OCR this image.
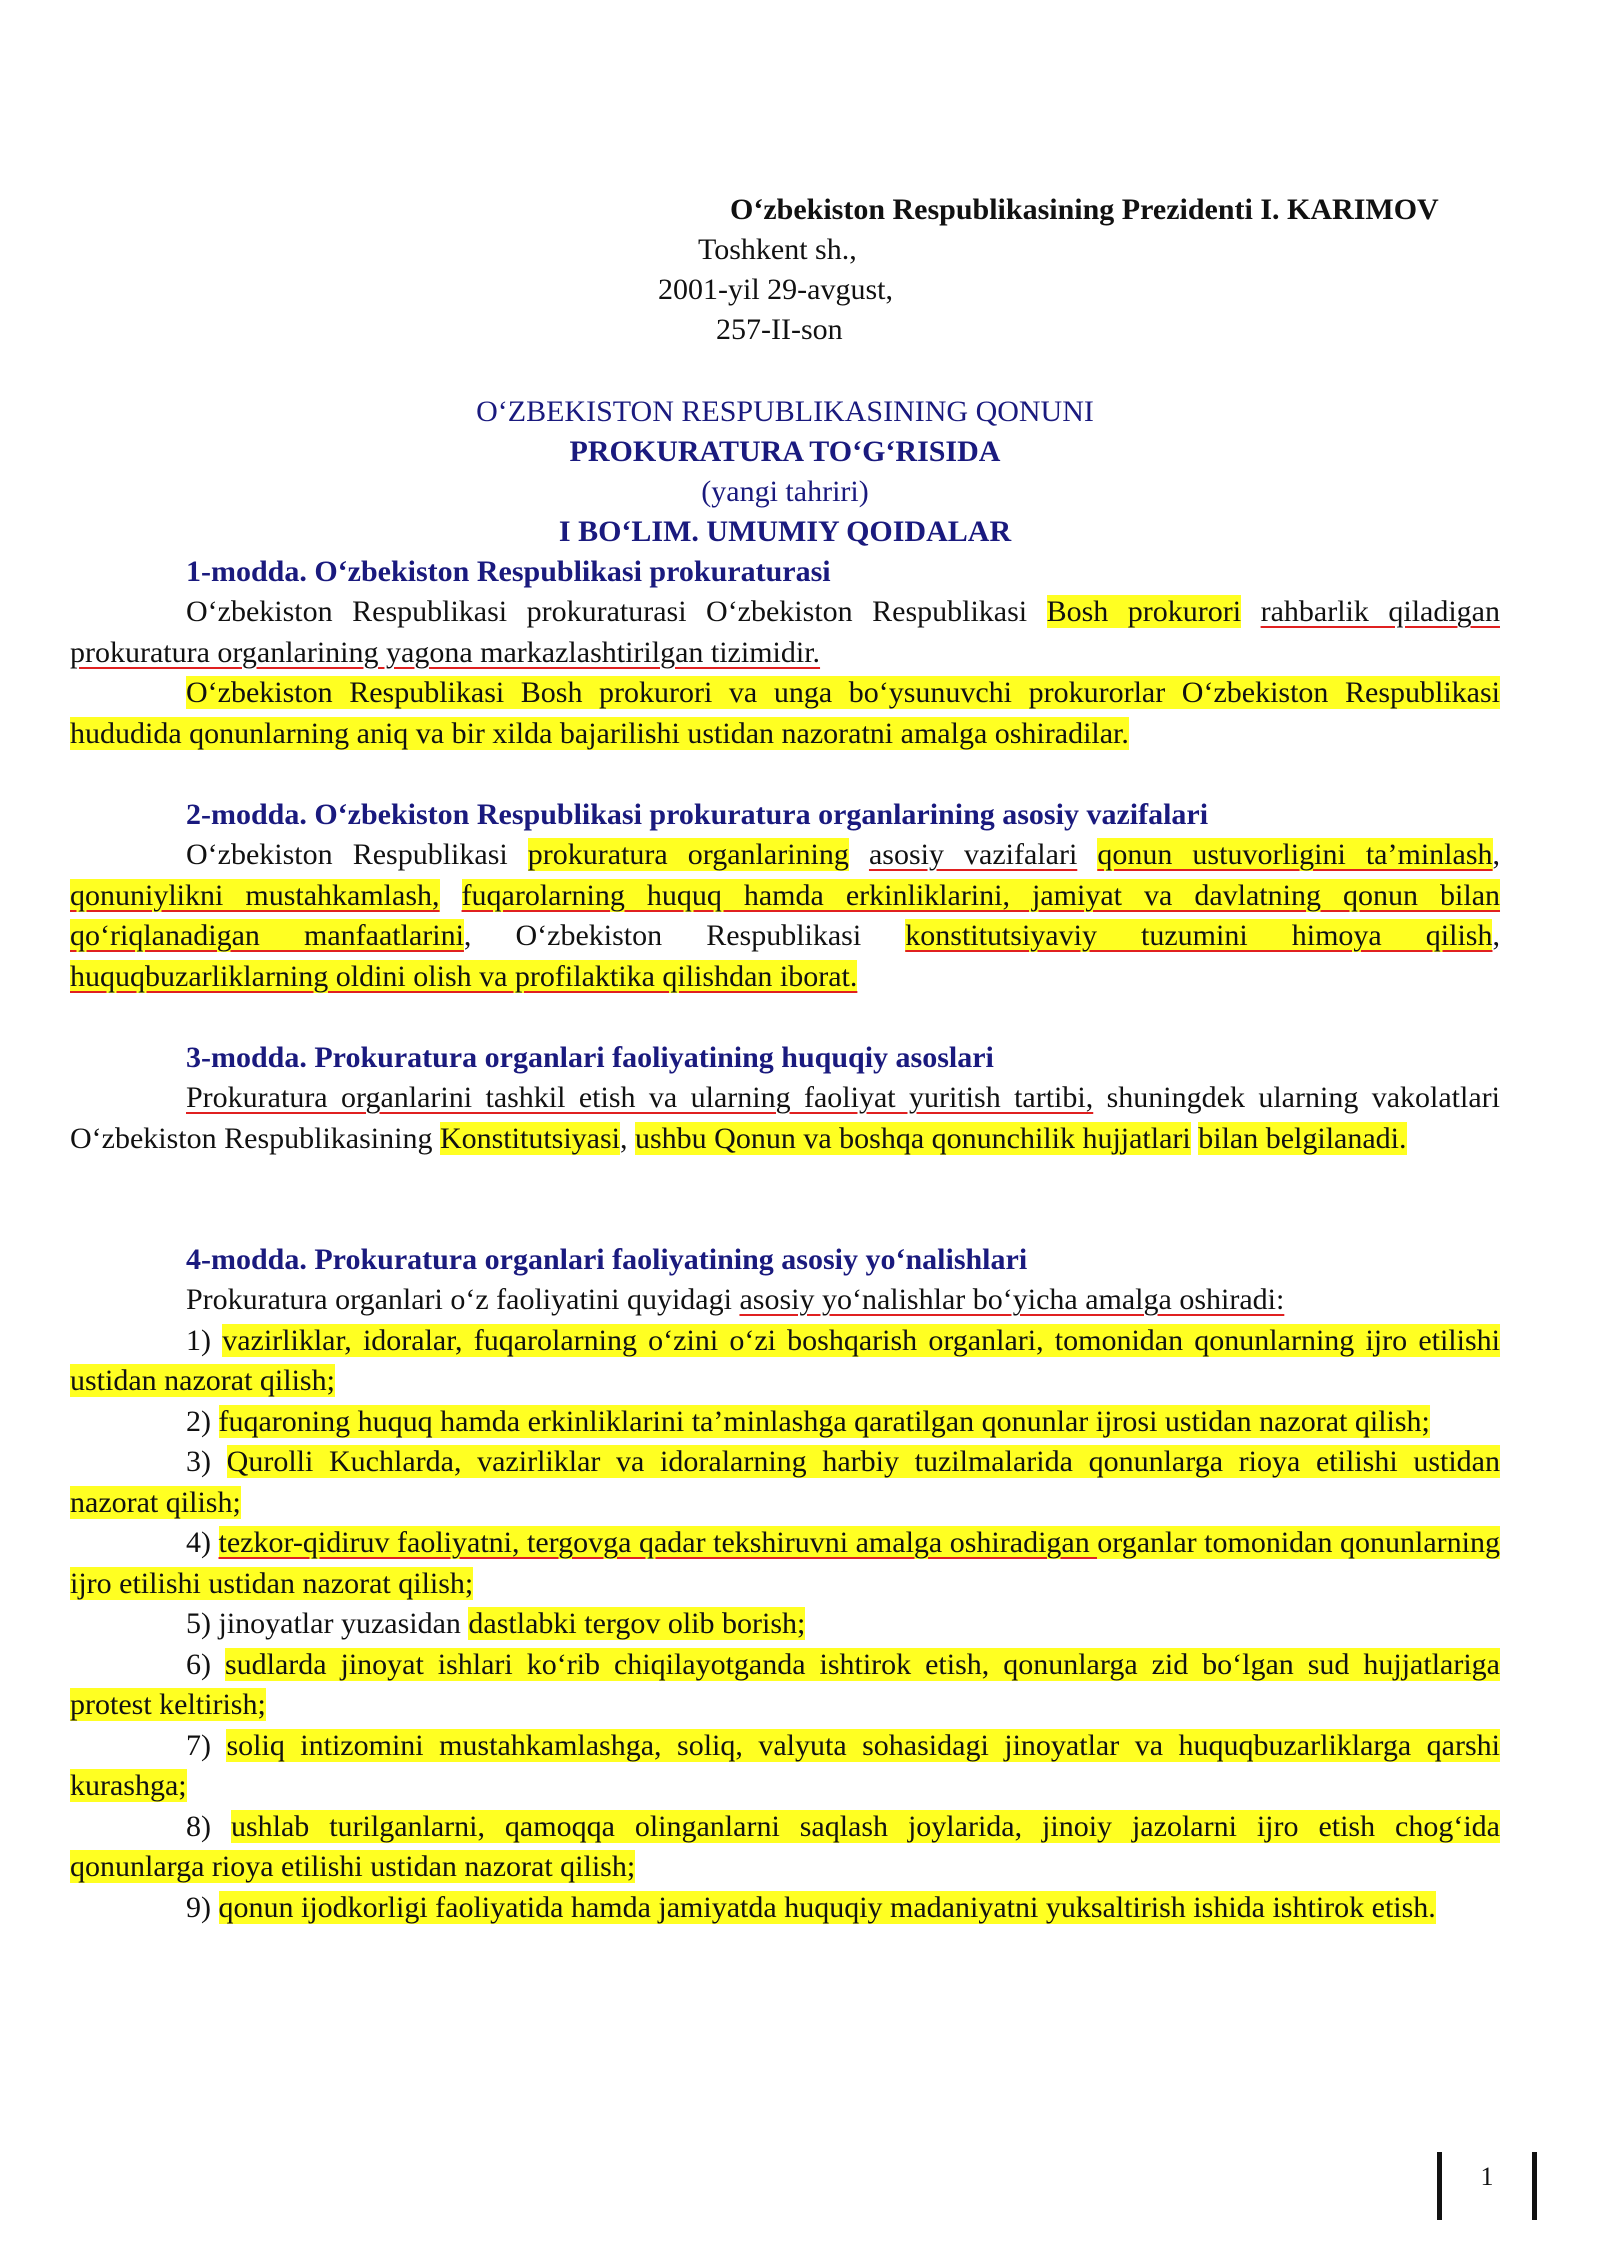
O‘zbekiston Respublikasining Prezidenti I. KARIMOV
Toshkent sh.,
2001-yil 29-avgust,
257-II-son
O‘ZBEKISTON RESPUBLIKASINING QONUNI
PROKURATURA TO‘G‘RISIDA
(yangi tahriri)
I BO‘LIM. UMUMIY QOIDALAR
1-modda. O‘zbekiston Respublikasi prokuraturasi

O‘zbekiston Respublikasi prokuraturasi O‘zbekiston Respublikasi Bosh prokurori rahbarlik qiladigan prokuratura organlarining yagona markazlashtirilgan tizimidir.

O‘zbekiston Respublikasi Bosh prokurori va unga bo‘ysunuvchi prokurorlar O‘zbekiston Respublikasi hududida qonunlarning aniq va bir xilda bajarilishi ustidan nazoratni amalga oshiradilar.

2-modda. O‘zbekiston Respublikasi prokuratura organlarining asosiy vazifalari

O‘zbekiston Respublikasi prokuratura organlarining asosiy vazifalari qonun ustuvorligini ta’minlash, qonuniylikni mustahkamlash, fuqarolarning huquq hamda erkinliklarini, jamiyat va davlatning qonun bilan qo‘riqlanadigan manfaatlarini, O‘zbekiston Respublikasi konstitutsiyaviy tuzumini himoya qilish, huquqbuzarliklarning oldini olish va profilaktika qilishdan iborat.

3-modda. Prokuratura organlari faoliyatining huquqiy asoslari

Prokuratura organlarini tashkil etish va ularning faoliyat yuritish tartibi, shuningdek ularning vakolatlari O‘zbekiston Respublikasining Konstitutsiyasi, ushbu Qonun va boshqa qonunchilik hujjatlari bilan belgilanadi.

4-modda. Prokuratura organlari faoliyatining asosiy yo‘nalishlari

Prokuratura organlari o‘z faoliyatini quyidagi asosiy yo‘nalishlar bo‘yicha amalga oshiradi:

1) vazirliklar, idoralar, fuqarolarning o‘zini o‘zi boshqarish organlari, tomonidan qonunlarning ijro etilishi ustidan nazorat qilish;

2) fuqaroning huquq hamda erkinliklarini ta’minlashga qaratilgan qonunlar ijrosi ustidan nazorat qilish;

3) Qurolli Kuchlarda, vazirliklar va idoralarning harbiy tuzilmalarida qonunlarga rioya etilishi ustidan nazorat qilish;

4) tezkor-qidiruv faoliyatni, tergovga qadar tekshiruvni amalga oshiradigan organlar tomonidan qonunlarning ijro etilishi ustidan nazorat qilish;

5) jinoyatlar yuzasidan dastlabki tergov olib borish;

6) sudlarda jinoyat ishlari ko‘rib chiqilayotganda ishtirok etish, qonunlarga zid bo‘lgan sud hujjatlariga protest keltirish;

7) soliq intizomini mustahkamlashga, soliq, valyuta sohasidagi jinoyatlar va huquqbuzarliklarga qarshi kurashga;

8) ushlab turilganlarni, qamoqqa olinganlarni saqlash joylarida, jinoiy jazolarni ijro etish chog‘ida qonunlarga rioya etilishi ustidan nazorat qilish;

9) qonun ijodkorligi faoliyatida hamda jamiyatda huquqiy madaniyatni yuksaltirish ishida ishtirok etish.

1
